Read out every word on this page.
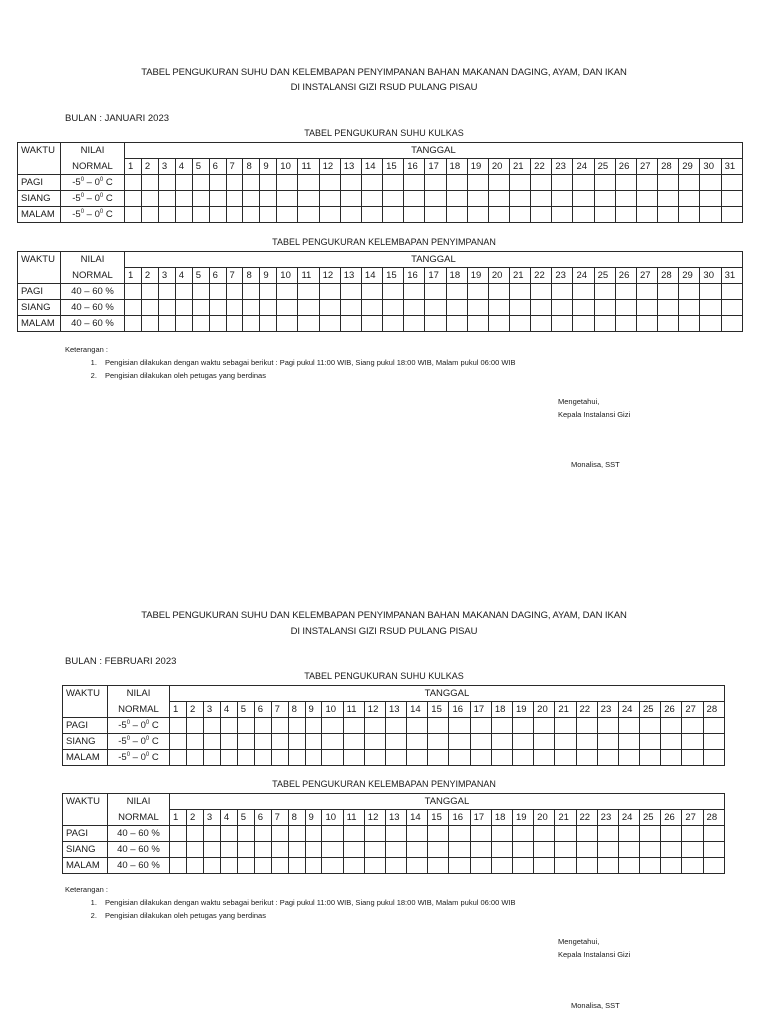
TABEL PENGUKURAN SUHU DAN KELEMBAPAN PENYIMPANAN BAHAN MAKANAN DAGING, AYAM, DAN IKAN
DI INSTALANSI GIZI RSUD PULANG PISAU
BULAN : JANUARI 2023
TABEL PENGUKURAN SUHU KULKAS
WAKTU	NILAI	TANGGAL																														
	NORMAL	1	2	3	4	5	6	7	8	9	10	11	12	13	14	15	16	17	18	19	20	21	22	23	24	25	26	27	28	29	30	31
PAGI	$-5^0 - 0^0$ C																															
SIANG	$-5^0 - 0^0$ C																															
MALAM	$-5^0 - 0^0$ C																															
TABEL PENGUKURAN KELEMBAPAN PENYIMPANAN
WAKTU	NILAI	TANGGAL																														
	NORMAL	1	2	3	4	5	6	7	8	9	10	11	12	13	14	15	16	17	18	19	20	21	22	23	24	25	26	27	28	29	30	31
PAGI	40 – 60 %																															
SIANG	40 – 60 %																															
MALAM	40 – 60 %																															
Keterangan :
1. Pengisian dilakukan dengan waktu sebagai berikut : Pagi pukul 11:00 WIB, Siang pukul 18:00 WIB, Malam pukul 06:00 WIB
2. Pengisian dilakukan oleh petugas yang berdinas
Mengetahui,
Kepala Instalansi Gizi
Monalisa, SST
TABEL PENGUKURAN SUHU DAN KELEMBAPAN PENYIMPANAN BAHAN MAKANAN DAGING, AYAM, DAN IKAN
DI INSTALANSI GIZI RSUD PULANG PISAU
BULAN : FEBRUARI 2023
TABEL PENGUKURAN SUHU KULKAS
WAKTU	NILAI	TANGGAL																											
	NORMAL	1	2	3	4	5	6	7	8	9	10	11	12	13	14	15	16	17	18	19	20	21	22	23	24	25	26	27	28
PAGI	$-5^0 - 0^0$ C																												
SIANG	$-5^0 - 0^0$ C																												
MALAM	$-5^0 - 0^0$ C																												
TABEL PENGUKURAN KELEMBAPAN PENYIMPANAN
WAKTU	NILAI	TANGGAL																											
	NORMAL	1	2	3	4	5	6	7	8	9	10	11	12	13	14	15	16	17	18	19	20	21	22	23	24	25	26	27	28
PAGI	40 – 60 %																												
SIANG	40 – 60 %																												
MALAM	40 – 60 %																												
Keterangan :
1. Pengisian dilakukan dengan waktu sebagai berikut : Pagi pukul 11:00 WIB, Siang pukul 18:00 WIB, Malam pukul 06:00 WIB
2. Pengisian dilakukan oleh petugas yang berdinas
Mengetahui,
Kepala Instalansi Gizi
Monalisa, SST
